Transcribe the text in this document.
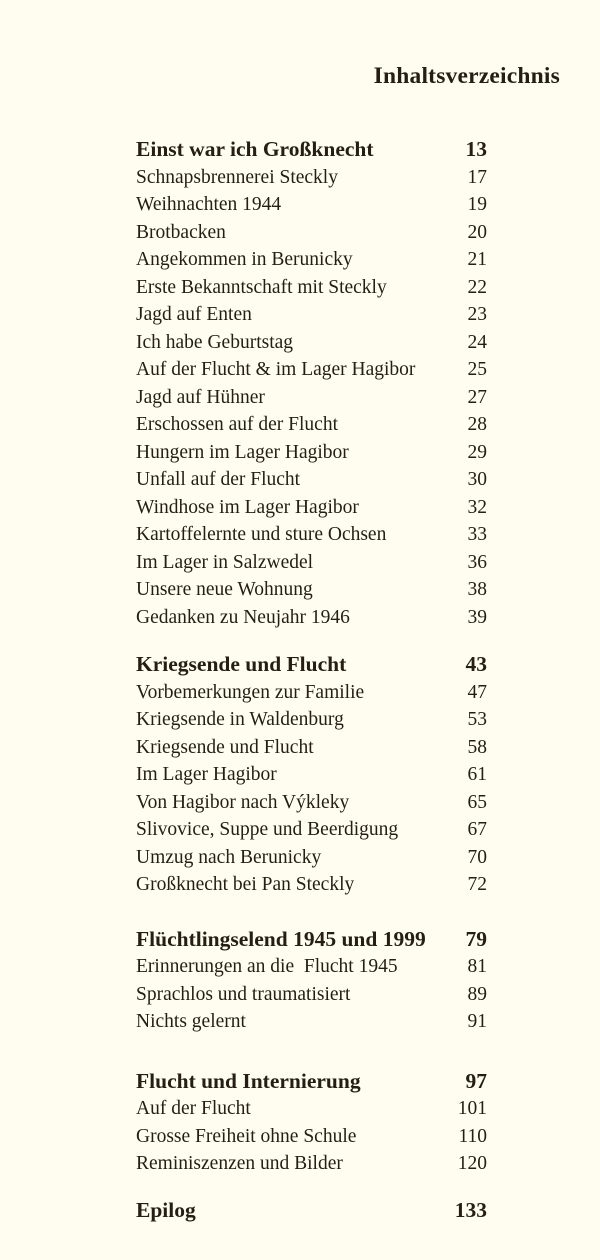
Inhaltsverzeichnis
Einst war ich Großknecht	13
Schnapsbrennerei Steckly	17
Weihnachten 1944	19
Brotbacken	20
Angekommen in Berunicky	21
Erste Bekanntschaft mit Steckly	22
Jagd auf Enten	23
Ich habe Geburtstag	24
Auf der Flucht & im Lager Hagibor	25
Jagd auf Hühner	27
Erschossen auf der Flucht	28
Hungern im Lager Hagibor	29
Unfall auf der Flucht	30
Windhose im Lager Hagibor	32
Kartoffelernte und sture Ochsen	33
Im Lager in Salzwedel	36
Unsere neue Wohnung	38
Gedanken zu Neujahr 1946	39
Kriegsende und Flucht	43
Vorbemerkungen zur Familie	47
Kriegsende in Waldenburg	53
Kriegsende und Flucht	58
Im Lager Hagibor	61
Von Hagibor nach Výkleky	65
Slivovice, Suppe und Beerdigung	67
Umzug nach Berunicky	70
Großknecht bei Pan Steckly	72
Flüchtlingselend 1945 und 1999	79
Erinnerungen an die  Flucht 1945	81
Sprachlos und traumatisiert	89
Nichts gelernt	91
Flucht und Internierung	97
Auf der Flucht	101
Grosse Freiheit ohne Schule	110
Reminiszenzen und Bilder	120
Epilog	133
